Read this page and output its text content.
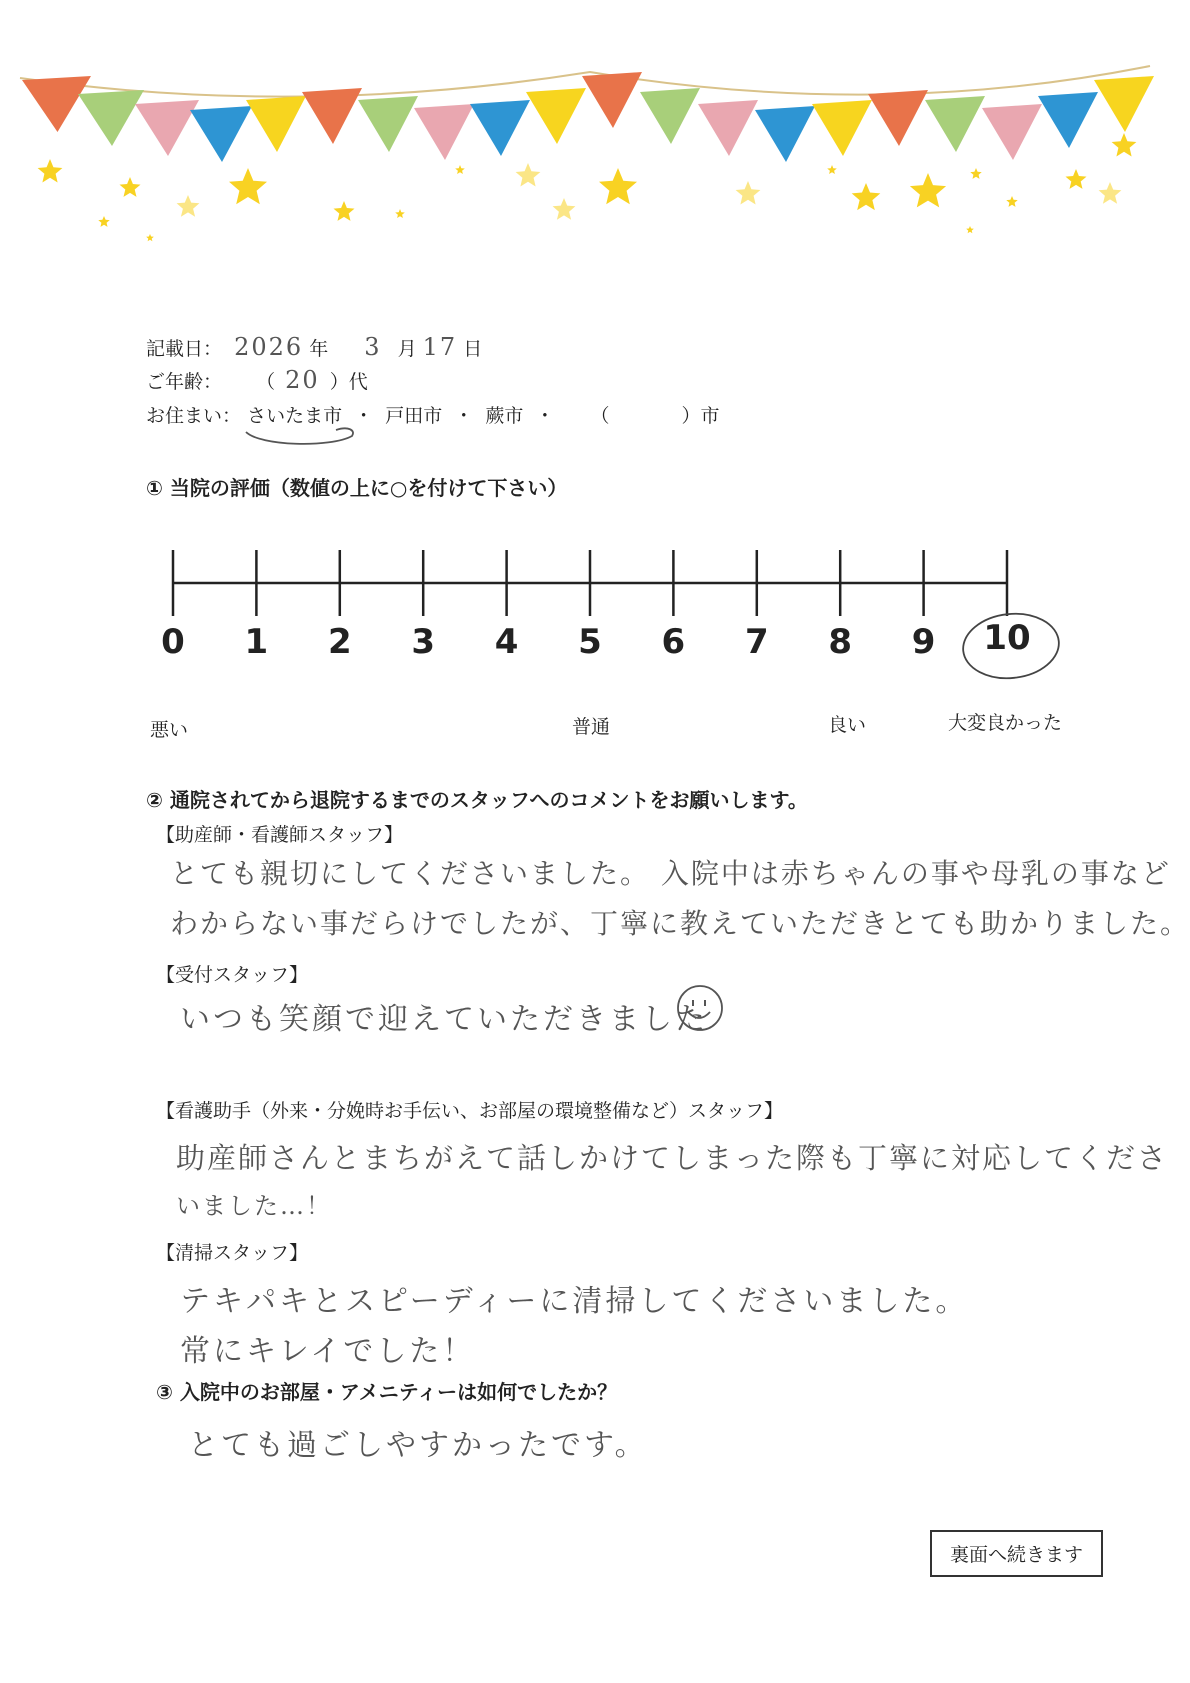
記載日： 2026 年 3 月 17 日
ご年齢： （ 20 ）代
お住まい： さいたま市 ・ 戸田市 ・ 蕨市 ・ （	）市
① 当院の評価（数値の上に○を付けて下さい）
0	1	2	3	4	5	6	7	8	9	10
悪い	普通	良い	大変良かった
② 通院されてから退院するまでのスタッフへのコメントをお願いします。
【助産師・看護師スタッフ】
とても親切にしてくださいました。 入院中は赤ちゃんの事や母乳の事など
わからない事だらけでしたが、丁寧に教えていただきとても助かりました。
【受付スタッフ】
いつも笑顔で迎えていただきました
【看護助手（外来・分娩時お手伝い、お部屋の環境整備など）スタッフ】
助産師さんとまちがえて話しかけてしまった際も丁寧に対応してくださ
いました…！
【清掃スタッフ】
テキパキとスピーディーに清掃してくださいました。
常にキレイでした！
③ 入院中のお部屋・アメニティーは如何でしたか？
とても過ごしやすかったです。
裏面へ続きます
